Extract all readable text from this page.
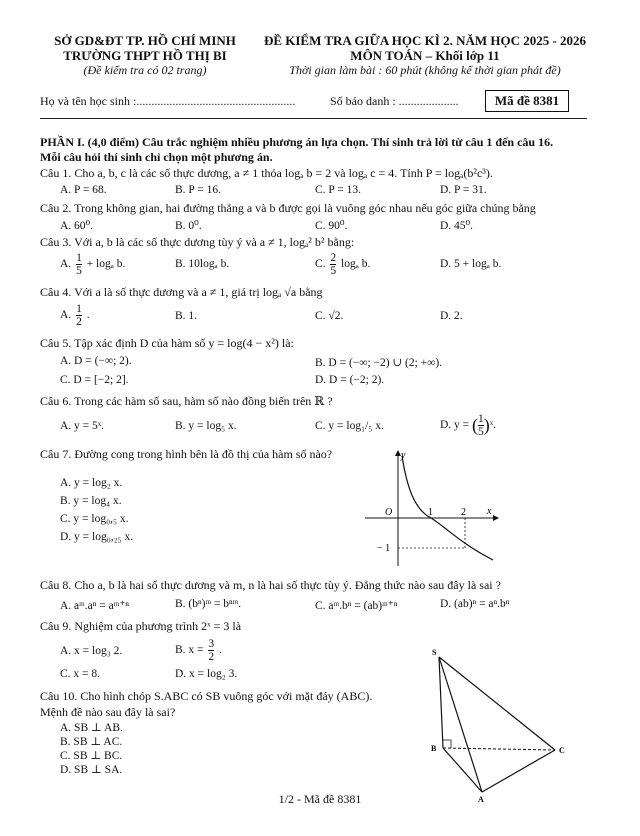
SỞ GD&ĐT TP. HỒ CHÍ MINH
TRƯỜNG THPT HỒ THỊ BI
(Đề kiểm tra có 02 trang)
ĐỀ KIỂM TRA GIỮA HỌC KÌ 2. NĂM HỌC 2025 - 2026
MÔN TOÁN – Khối lớp 11
Thời gian làm bài : 60 phút (không kể thời gian phát đề)
Họ và tên học sinh :.....................................................	Số báo danh : ....................	Mã đề 8381
PHẦN I. (4,0 điểm) Câu trắc nghiệm nhiều phương án lựa chọn. Thí sinh trả lời từ câu 1 đến câu 16.
Mỗi câu hỏi thí sinh chỉ chọn một phương án.
Câu 1. Cho a, b, c là các số thực dương, a ≠ 1 thỏa logₐ b = 2 và logₐ c = 4. Tính P = logₐ(b²c³).
A. P = 68.	B. P = 16.	C. P = 13.	D. P = 31.
Câu 2. Trong không gian, hai đường thẳng a và b được gọi là vuông góc nhau nếu góc giữa chúng bằng
A. 60⁰.	B. 0⁰.	C. 90⁰.	D. 45⁰.
Câu 3. Với a, b là các số thực dương tùy ý và a ≠ 1, logₐ² b² bằng:
A. $\frac{1}{5} + \log_a$ b.	B. 10logₐ b.	C. $\frac{2}{5}$ logₐ b.	D. 5 + logₐ b.
Câu 4. Với a là số thực dương và a ≠ 1, giá trị logₐ √a bằng
A. $\frac{1}{2}$ .	B. 1.	C. √2.	D. 2.
Câu 5. Tập xác định D của hàm số y = log(4 − x²) là:
A. D = (−∞; 2).	B. D = (−∞; −2) ∪ (2; +∞).
C. D = [−2; 2].	D. D = (−2; 2).
Câu 6. Trong các hàm số sau, hàm số nào đồng biến trên ℝ ?
A. y = 5ˣ.	B. y = log₅ x.	C. y = log₁/₅ x.	D. y = ( $\frac{1}{5}$ )ˣ.
Câu 7. Đường cong trong hình bên là đồ thị của hàm số nào?
A. y = log₂ x.
B. y = log₄ x.
C. y = log₀,₅ x.
D. y = log₀,₂₅ x.
y
x
O	1	2
− 1
Câu 8. Cho a, b là hai số thực dương và m, n là hai số thực tùy ý. Đẳng thức nào sau đây là sai ?
A. aᵐ.aⁿ = aᵐ⁺ⁿ	B. (bⁿ)ᵐ = bⁿᵐ.	C. aᵐ.bⁿ = (ab)ᵐ⁺ⁿ	D. (ab)ⁿ = aⁿ.bⁿ
Câu 9. Nghiệm của phương trình 2ˣ = 3 là
A. x = log₃ 2.	B. $x = \frac{3}{2}$ .
C. x = 8.	D. x = log₂ 3.
Câu 10. Cho hình chóp S.ABC có SB vuông góc với mặt đáy (ABC).
Mệnh đề nào sau đây là sai?
A. SB ⊥ AB.
B. SB ⊥ AC.
C. SB ⊥ BC.
D. SB ⊥ SA.
S
B	C
A
1/2 - Mã đề 8381
